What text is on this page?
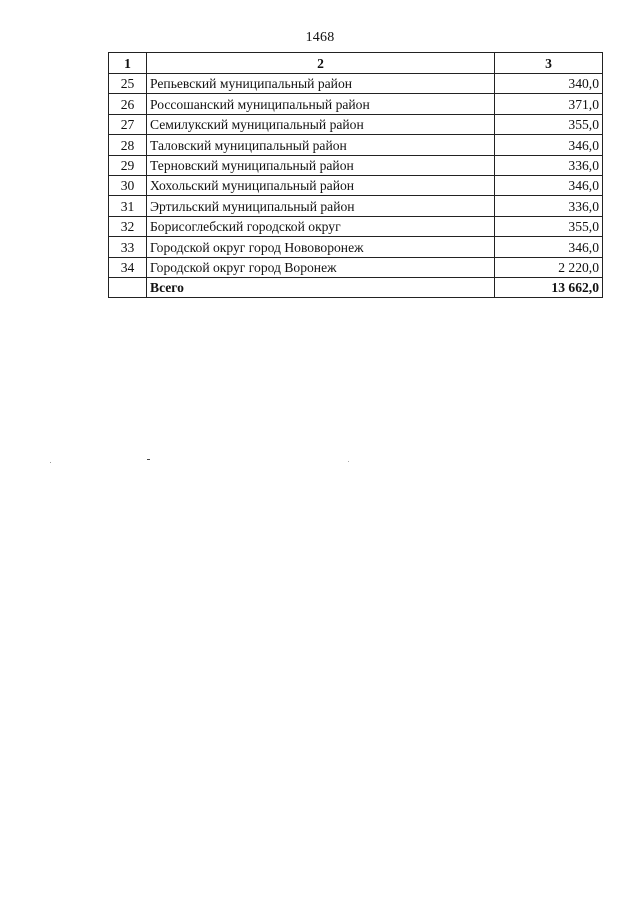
1468
1	2	3
25	Репьевский муниципальный район	340,0
26	Россошанский муниципальный район	371,0
27	Семилукский муниципальный район	355,0
28	Таловский муниципальный район	346,0
29	Терновский муниципальный район	336,0
30	Хохольский муниципальный район	346,0
31	Эртильский муниципальный район	336,0
32	Борисоглебский городской округ	355,0
33	Городской округ город Нововоронеж	346,0
34	Городской округ город Воронеж	2 220,0
	Всего	13 662,0
